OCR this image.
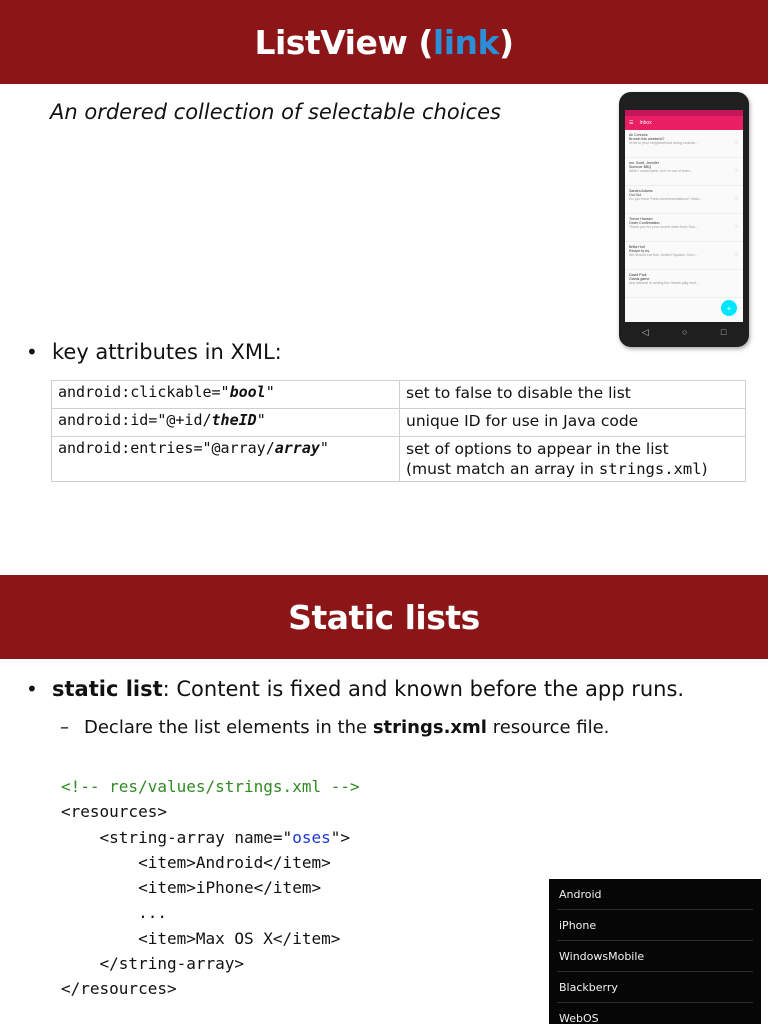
ListView ( link )
An ordered collection of selectable choices
• key attributes in XML:
android:clickable="bool"	set to false to disable the list
android:id="@+id/theID"	unique ID for use in Java code
android:entries="@array/array"	set of options to appear in the list
(must match an array in strings.xml)
☰ Inbox
Ali Connors
Brunch this weekend?
I'll be in your neighborhood doing errands...	☆
me, Scott, Jennifer
Summer BBQ
Wish I could come, but I'm out of town...	☆
Sandra Adams
Oui Oui
Do you have Paris recommendations? Have...	☆
Trevor Hansen
Order Confirmation
Thank you for your recent order from Sun...	☆
Britta Holt
Recipe to try
We should eat this: Grated Squash, Corn...	☆
David Park
Giants game
Any interest in seeing the Giants play next...
+
◁	○	□
Static lists
• static list: Content is fixed and known before the app runs.
– Declare the list elements in the strings.xml resource file.
<!-- res/values/strings.xml -->
<resources>
<string-array name="oses">
<item>Android</item>
<item>iPhone</item>
...
<item>Max OS X</item>
</string-array>
</resources>
Android
iPhone
WindowsMobile
Blackberry
WebOS
